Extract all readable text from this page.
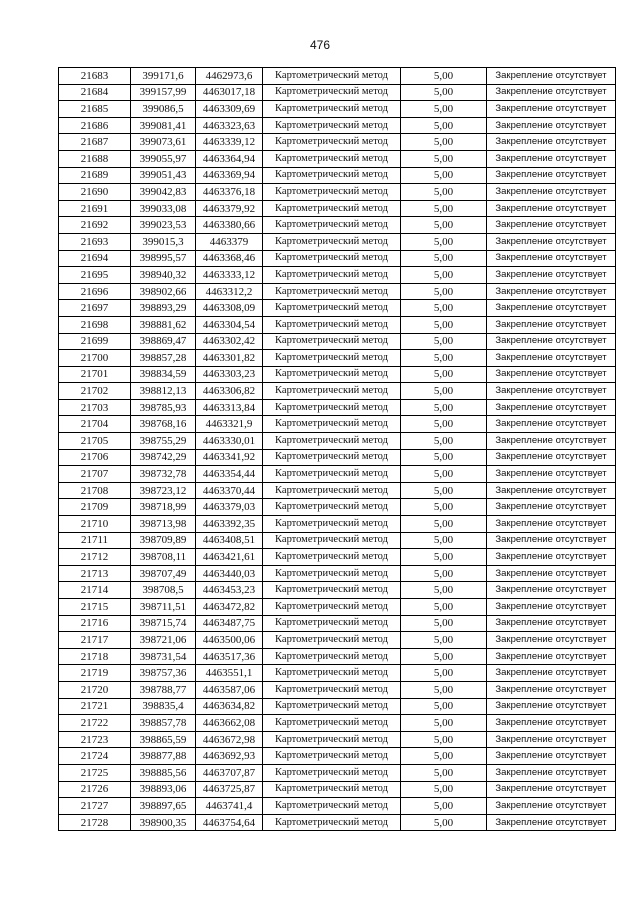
476
21683	399171,6	4462973,6	Картометрический метод	5,00	Закрепление отсутствует
21684	399157,99	4463017,18	Картометрический метод	5,00	Закрепление отсутствует
21685	399086,5	4463309,69	Картометрический метод	5,00	Закрепление отсутствует
21686	399081,41	4463323,63	Картометрический метод	5,00	Закрепление отсутствует
21687	399073,61	4463339,12	Картометрический метод	5,00	Закрепление отсутствует
21688	399055,97	4463364,94	Картометрический метод	5,00	Закрепление отсутствует
21689	399051,43	4463369,94	Картометрический метод	5,00	Закрепление отсутствует
21690	399042,83	4463376,18	Картометрический метод	5,00	Закрепление отсутствует
21691	399033,08	4463379,92	Картометрический метод	5,00	Закрепление отсутствует
21692	399023,53	4463380,66	Картометрический метод	5,00	Закрепление отсутствует
21693	399015,3	4463379	Картометрический метод	5,00	Закрепление отсутствует
21694	398995,57	4463368,46	Картометрический метод	5,00	Закрепление отсутствует
21695	398940,32	4463333,12	Картометрический метод	5,00	Закрепление отсутствует
21696	398902,66	4463312,2	Картометрический метод	5,00	Закрепление отсутствует
21697	398893,29	4463308,09	Картометрический метод	5,00	Закрепление отсутствует
21698	398881,62	4463304,54	Картометрический метод	5,00	Закрепление отсутствует
21699	398869,47	4463302,42	Картометрический метод	5,00	Закрепление отсутствует
21700	398857,28	4463301,82	Картометрический метод	5,00	Закрепление отсутствует
21701	398834,59	4463303,23	Картометрический метод	5,00	Закрепление отсутствует
21702	398812,13	4463306,82	Картометрический метод	5,00	Закрепление отсутствует
21703	398785,93	4463313,84	Картометрический метод	5,00	Закрепление отсутствует
21704	398768,16	4463321,9	Картометрический метод	5,00	Закрепление отсутствует
21705	398755,29	4463330,01	Картометрический метод	5,00	Закрепление отсутствует
21706	398742,29	4463341,92	Картометрический метод	5,00	Закрепление отсутствует
21707	398732,78	4463354,44	Картометрический метод	5,00	Закрепление отсутствует
21708	398723,12	4463370,44	Картометрический метод	5,00	Закрепление отсутствует
21709	398718,99	4463379,03	Картометрический метод	5,00	Закрепление отсутствует
21710	398713,98	4463392,35	Картометрический метод	5,00	Закрепление отсутствует
21711	398709,89	4463408,51	Картометрический метод	5,00	Закрепление отсутствует
21712	398708,11	4463421,61	Картометрический метод	5,00	Закрепление отсутствует
21713	398707,49	4463440,03	Картометрический метод	5,00	Закрепление отсутствует
21714	398708,5	4463453,23	Картометрический метод	5,00	Закрепление отсутствует
21715	398711,51	4463472,82	Картометрический метод	5,00	Закрепление отсутствует
21716	398715,74	4463487,75	Картометрический метод	5,00	Закрепление отсутствует
21717	398721,06	4463500,06	Картометрический метод	5,00	Закрепление отсутствует
21718	398731,54	4463517,36	Картометрический метод	5,00	Закрепление отсутствует
21719	398757,36	4463551,1	Картометрический метод	5,00	Закрепление отсутствует
21720	398788,77	4463587,06	Картометрический метод	5,00	Закрепление отсутствует
21721	398835,4	4463634,82	Картометрический метод	5,00	Закрепление отсутствует
21722	398857,78	4463662,08	Картометрический метод	5,00	Закрепление отсутствует
21723	398865,59	4463672,98	Картометрический метод	5,00	Закрепление отсутствует
21724	398877,88	4463692,93	Картометрический метод	5,00	Закрепление отсутствует
21725	398885,56	4463707,87	Картометрический метод	5,00	Закрепление отсутствует
21726	398893,06	4463725,87	Картометрический метод	5,00	Закрепление отсутствует
21727	398897,65	4463741,4	Картометрический метод	5,00	Закрепление отсутствует
21728	398900,35	4463754,64	Картометрический метод	5,00	Закрепление отсутствует
